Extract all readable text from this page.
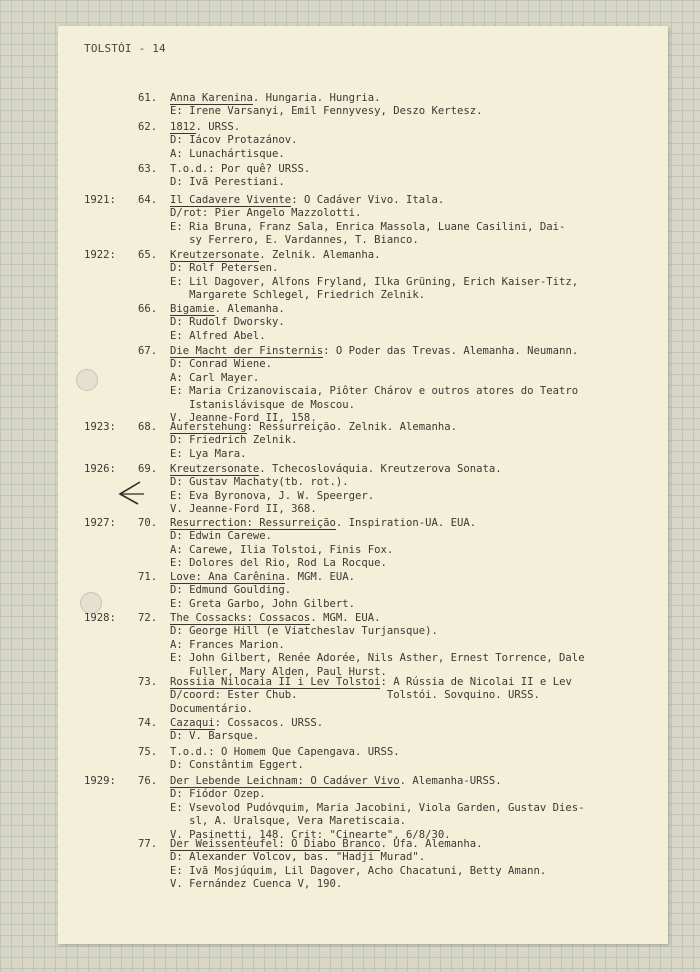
TOLSTÓI - 14
61.	Anna Karenina. Hungaria. Hungria.
E: Irene Varsanyi, Emil Fennyvesy, Deszo Kertesz.
62.	1812. URSS.
D: Iácov Protazánov.
A: Lunachártisque.
63.	T.o.d.: Por quê? URSS.
D: Ivã Perestiani.
1921:	64.	Il Cadavere Vivente: O Cadáver Vivo. Itala.
D/rot: Pier Angelo Mazzolotti.
E: Ria Bruna, Franz Sala, Enrica Massola, Luane Casilini, Dai-
sy Ferrero, E. Vardannes, T. Bianco.
1922:	65.	Kreutzersonate. Zelnik. Alemanha.
D: Rolf Petersen.
E: Lil Dagover, Alfons Fryland, Ilka Grüning, Erich Kaiser-Titz,
Margarete Schlegel, Friedrich Zelnik.
66.	Bigamie. Alemanha.
D: Rudolf Dworsky.
E: Alfred Abel.
67.	Die Macht der Finsternis: O Poder das Trevas. Alemanha. Neumann.
D: Conrad Wiene.
A: Carl Mayer.
E: Maria Crizanoviscaia, Piôter Chárov e outros atores do Teatro
Istanislávisque de Moscou.
V. Jeanne-Ford II, 158.
1923:	68.	Auferstehung: Ressurreição. Zelnik. Alemanha.
D: Friedrich Zelnik.
E: Lya Mara.
1926:	69.	Kreutzersonate. Tchecoslováquia. Kreutzerova Sonata.
D: Gustav Machaty(tb. rot.).
E: Eva Byronova, J. W. Speerger.
V. Jeanne-Ford II, 368.
1927:	70.	Resurrection: Ressurreição. Inspiration-UA. EUA.
D: Edwin Carewe.
A: Carewe, Ilia Tolstoi, Finis Fox.
E: Dolores del Rio, Rod La Rocque.
71.	Love: Ana Carênina. MGM. EUA.
D: Edmund Goulding.
E: Greta Garbo, John Gilbert.
1928:	72.	The Cossacks: Cossacos. MGM. EUA.
D: George Hill (e Viatcheslav Turjansque).
A: Frances Marion.
E: John Gilbert, Renée Adorée, Nils Asther, Ernest Torrence, Dale
Fuller, Mary Alden, Paul Hurst.
73.	Rossiia Nilocaia II i Lev Tolstoi: A Rússia de Nicolai II e Lev
D/coord: Ester Chub.              Tolstói. Sovquino. URSS.
Documentário.
74.	Cazaqui: Cossacos. URSS.
D: V. Barsque.
75.	T.o.d.: O Homem Que Capengava. URSS.
D: Constântim Eggert.
1929:	76.	Der Lebende Leichnam: O Cadáver Vivo. Alemanha-URSS.
D: Fiódor Ozep.
E: Vsevolod Pudóvquim, Maria Jacobini, Viola Garden, Gustav Dies-
sl, A. Uralsque, Vera Maretiscaia.
V. Pasinetti, 148. Crit: "Cinearte", 6/8/30.
77.	Der Weissenteufel: O Diabo Branco. Ufa. Alemanha.
D: Alexander Volcov, bas. "Hadji Murad".
E: Ivã Mosjúquim, Lil Dagover, Acho Chacatuni, Betty Amann.
V. Fernández Cuenca V, 190.
